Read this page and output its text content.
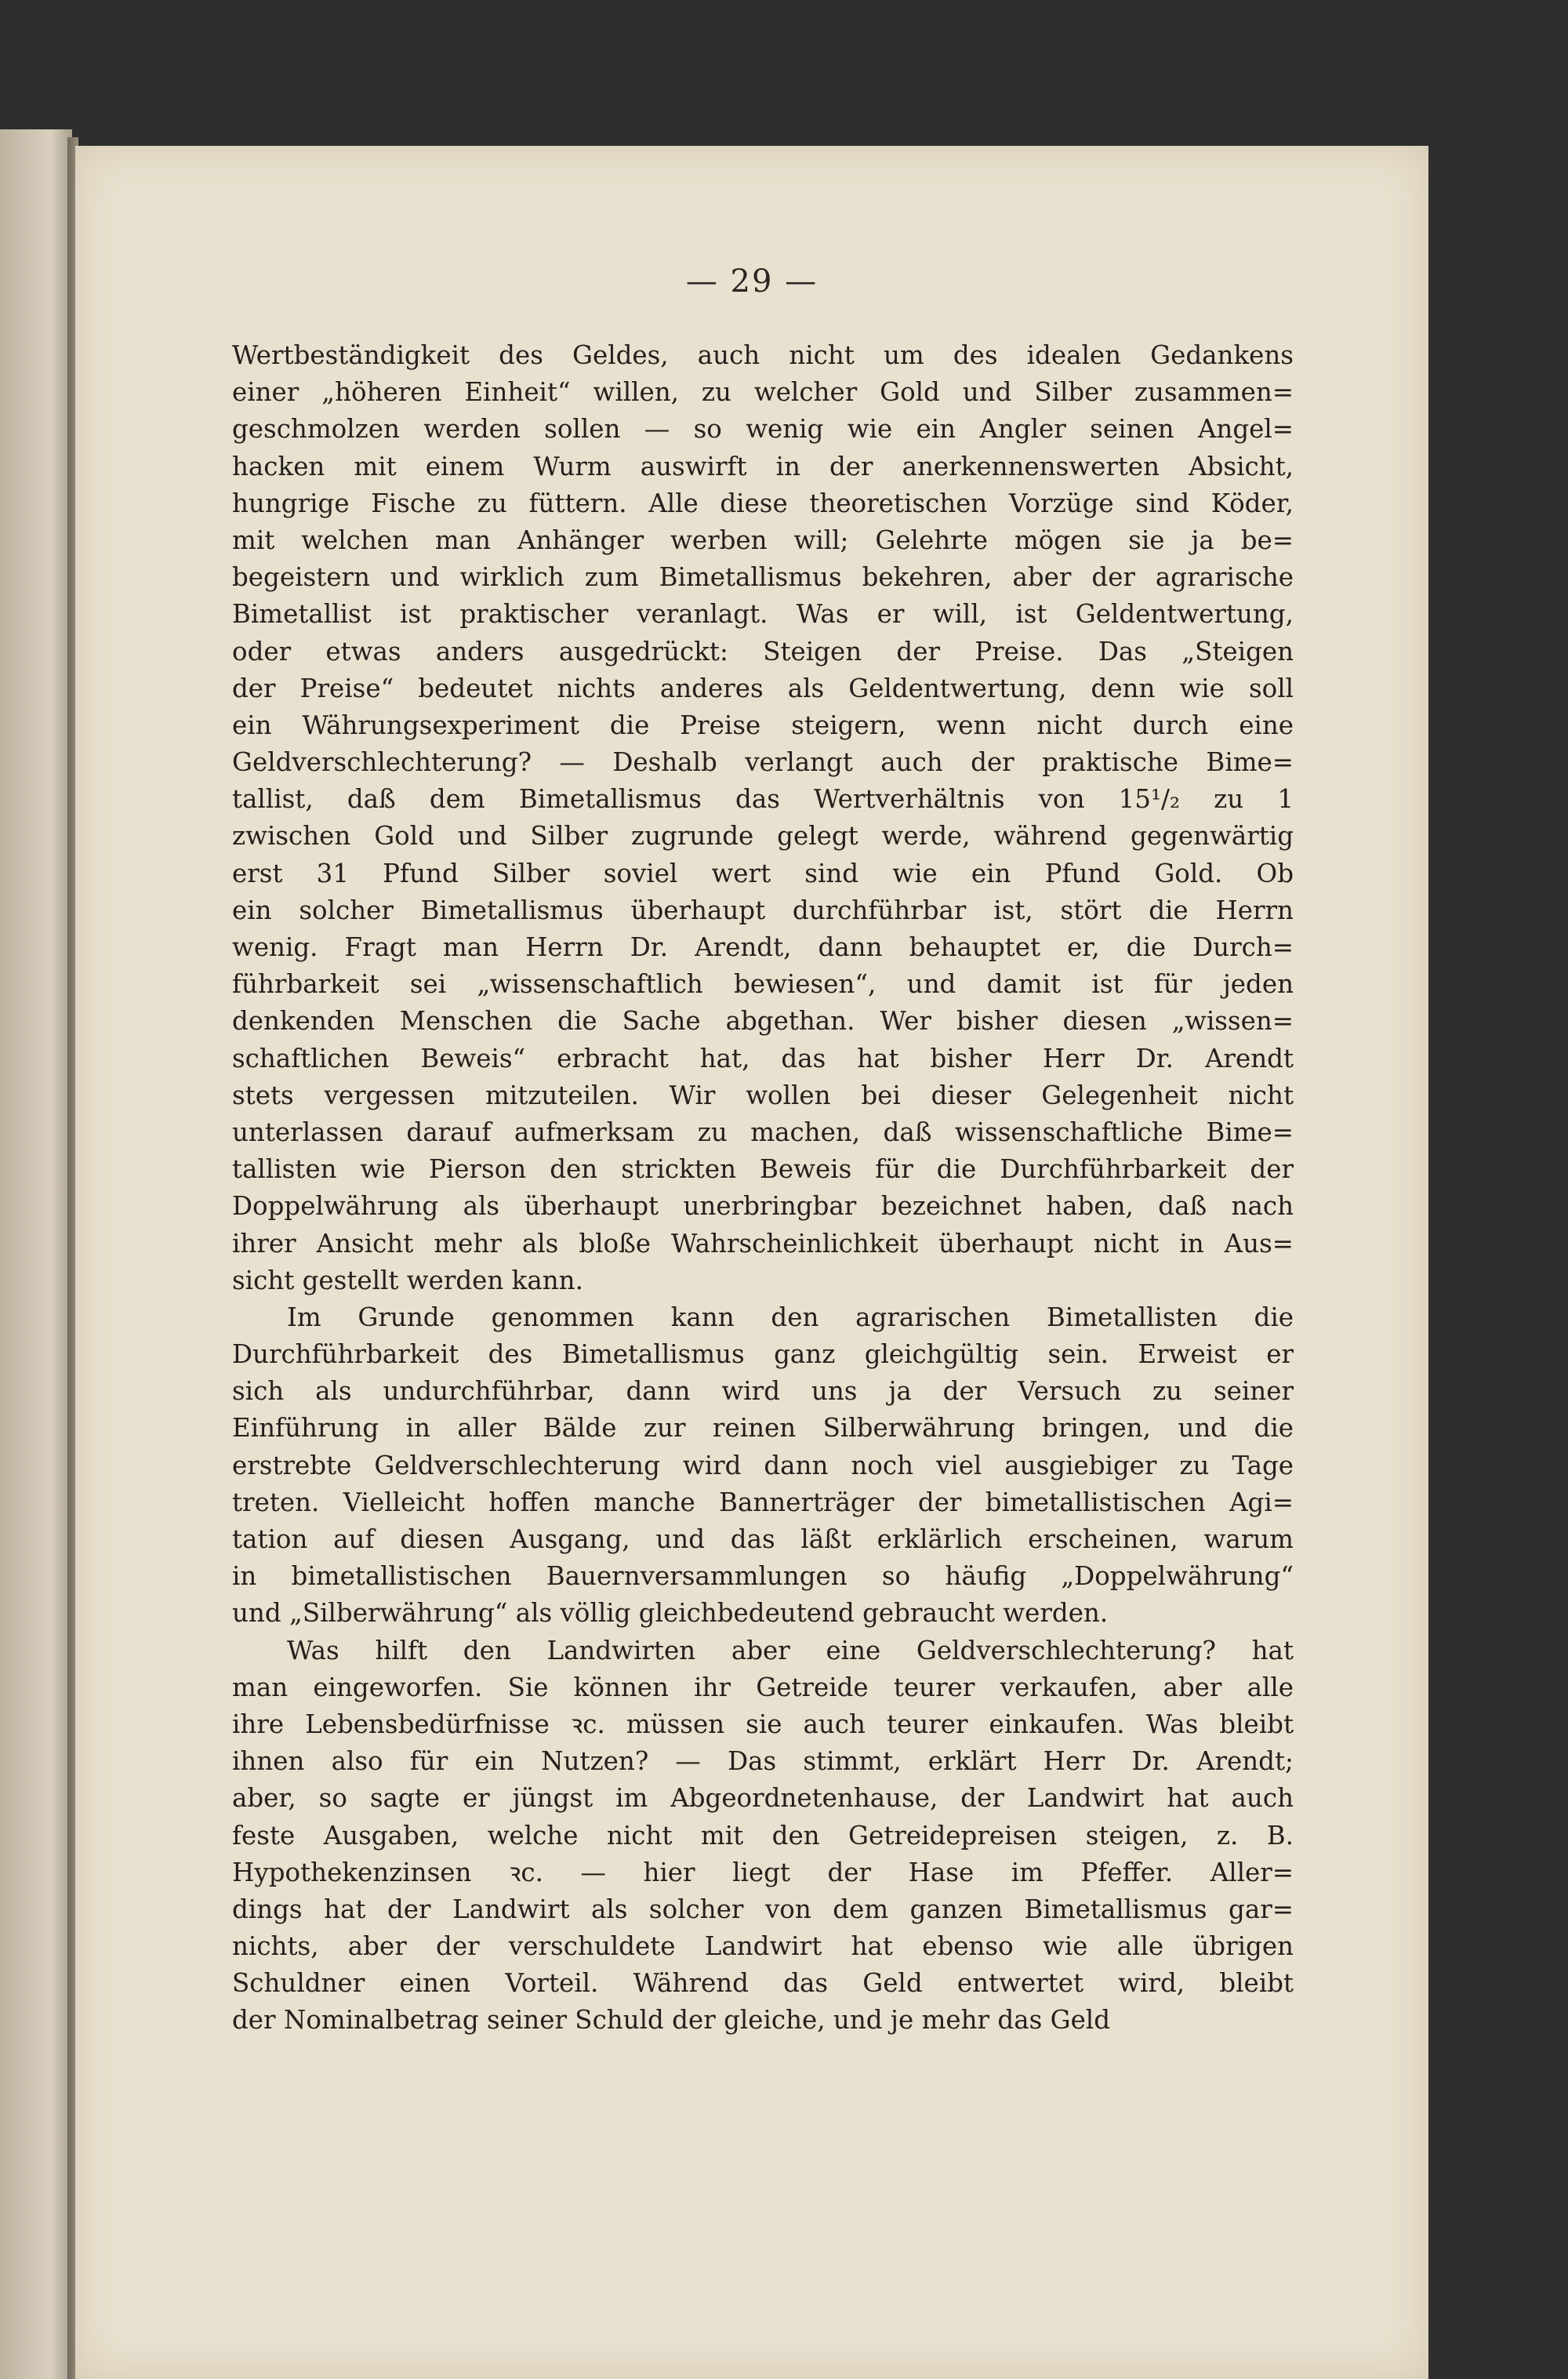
— 29 —
Wertbeständigkeit des Geldes, auch nicht um des idealen Gedankens
einer „höheren Einheit“ willen, zu welcher Gold und Silber zusammen=
geschmolzen werden sollen — so wenig wie ein Angler seinen Angel=
hacken mit einem Wurm auswirft in der anerkennenswerten Absicht,
hungrige Fische zu füttern. Alle diese theoretischen Vorzüge sind Köder,
mit welchen man Anhänger werben will; Gelehrte mögen sie ja be=
begeistern und wirklich zum Bimetallismus bekehren, aber der agrarische
Bimetallist ist praktischer veranlagt. Was er will, ist Geldentwertung,
oder etwas anders ausgedrückt: Steigen der Preise. Das „Steigen
der Preise“ bedeutet nichts anderes als Geldentwertung, denn wie soll
ein Währungsexperiment die Preise steigern, wenn nicht durch eine
Geldverschlechterung? — Deshalb verlangt auch der praktische Bime=
tallist, daß dem Bimetallismus das Wertverhältnis von 15¹/₂ zu 1
zwischen Gold und Silber zugrunde gelegt werde, während gegenwärtig
erst 31 Pfund Silber soviel wert sind wie ein Pfund Gold. Ob
ein solcher Bimetallismus überhaupt durchführbar ist, stört die Herrn
wenig. Fragt man Herrn Dr. Arendt, dann behauptet er, die Durch=
führbarkeit sei „wissenschaftlich bewiesen“, und damit ist für jeden
denkenden Menschen die Sache abgethan. Wer bisher diesen „wissen=
schaftlichen Beweis“ erbracht hat, das hat bisher Herr Dr. Arendt
stets vergessen mitzuteilen. Wir wollen bei dieser Gelegenheit nicht
unterlassen darauf aufmerksam zu machen, daß wissenschaftliche Bime=
tallisten wie Pierson den strickten Beweis für die Durchführbarkeit der
Doppelwährung als überhaupt unerbringbar bezeichnet haben, daß nach
ihrer Ansicht mehr als bloße Wahrscheinlichkeit überhaupt nicht in Aus=
sicht gestellt werden kann.
Im Grunde genommen kann den agrarischen Bimetallisten die
Durchführbarkeit des Bimetallismus ganz gleichgültig sein. Erweist er
sich als undurchführbar, dann wird uns ja der Versuch zu seiner
Einführung in aller Bälde zur reinen Silberwährung bringen, und die
erstrebte Geldverschlechterung wird dann noch viel ausgiebiger zu Tage
treten. Vielleicht hoffen manche Bannerträger der bimetallistischen Agi=
tation auf diesen Ausgang, und das läßt erklärlich erscheinen, warum
in bimetallistischen Bauernversammlungen so häufig „Doppelwährung“
und „Silberwährung“ als völlig gleichbedeutend gebraucht werden.
Was hilft den Landwirten aber eine Geldverschlechterung? hat
man eingeworfen. Sie können ihr Getreide teurer verkaufen, aber alle
ihre Lebensbedürfnisse ꝛc. müssen sie auch teurer einkaufen. Was bleibt
ihnen also für ein Nutzen? — Das stimmt, erklärt Herr Dr. Arendt;
aber, so sagte er jüngst im Abgeordnetenhause, der Landwirt hat auch
feste Ausgaben, welche nicht mit den Getreidepreisen steigen, z. B.
Hypothekenzinsen ꝛc. — hier liegt der Hase im Pfeffer. Aller=
dings hat der Landwirt als solcher von dem ganzen Bimetallismus gar=
nichts, aber der verschuldete Landwirt hat ebenso wie alle übrigen
Schuldner einen Vorteil. Während das Geld entwertet wird, bleibt
der Nominalbetrag seiner Schuld der gleiche, und je mehr das Geld
